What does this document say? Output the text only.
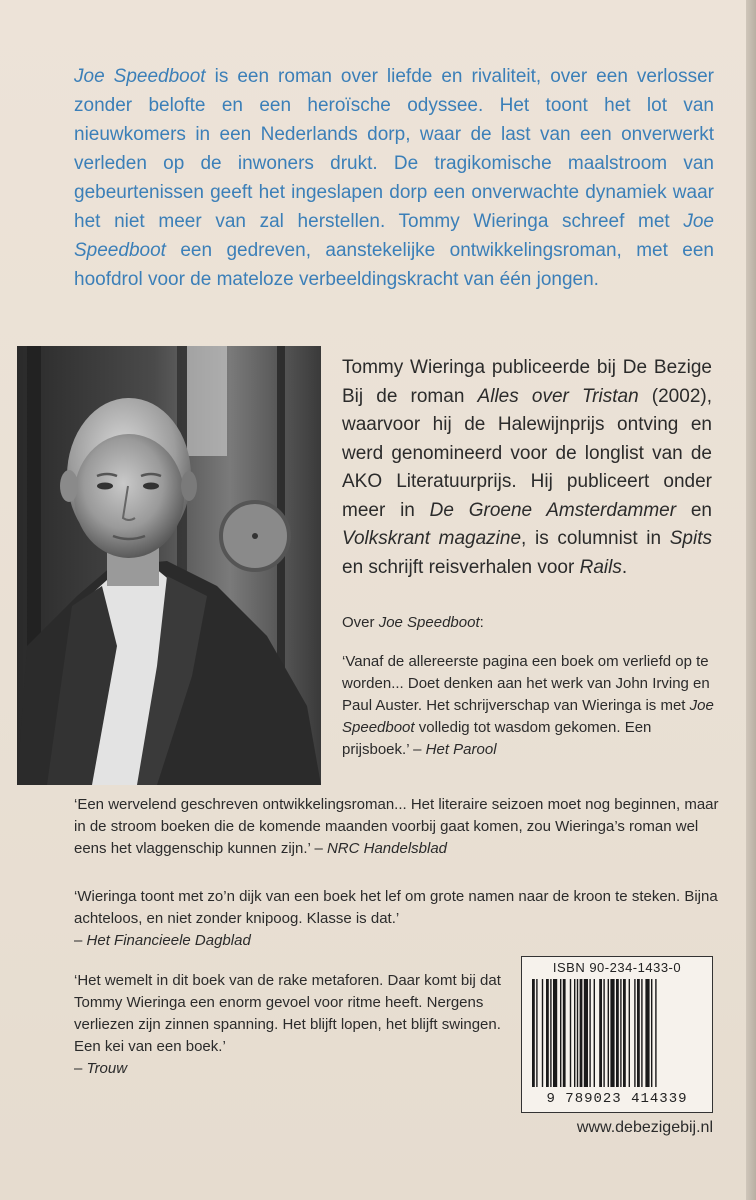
Joe Speedboot is een roman over liefde en rivaliteit, over een verlosser zonder belofte en een heroïsche odyssee. Het toont het lot van nieuwkomers in een Nederlands dorp, waar de last van een onverwerkt verleden op de inwoners drukt. De tragikomische maalstroom van gebeurtenissen geeft het ingeslapen dorp een onverwachte dynamiek waar het niet meer van zal herstellen. Tommy Wieringa schreef met Joe Speedboot een gedreven, aanstekelijke ontwikkelingsroman, met een hoofdrol voor de mateloze verbeeldingskracht van één jongen.

Tommy Wieringa publiceerde bij De Bezige Bij de roman Alles over Tristan (2002), waarvoor hij de Halewijnprijs ontving en werd genomineerd voor de longlist van de AKO Literatuurprijs. Hij publiceert onder meer in De Groene Amsterdammer en Volkskrant magazine, is columnist in Spits en schrijft reisverhalen voor Rails.

Over Joe Speedboot:

‘Vanaf de allereerste pagina een boek om verliefd op te worden... Doet denken aan het werk van John Irving en Paul Auster. Het schrijverschap van Wieringa is met Joe Speedboot volledig tot wasdom gekomen. Een prijsboek.’ – Het Parool

‘Een wervelend geschreven ontwikkelingsroman... Het literaire seizoen moet nog beginnen, maar in de stroom boeken die de komende maanden voorbij gaat komen, zou Wieringa’s roman wel eens het vlaggenschip kunnen zijn.’ – NRC Handelsblad

‘Wieringa toont met zo’n dijk van een boek het lef om grote namen naar de kroon te steken. Bijna achteloos, en niet zonder knipoog. Klasse is dat.’
– Het Financieele Dagblad

‘Het wemelt in dit boek van de rake metaforen. Daar komt bij dat Tommy Wieringa een enorm gevoel voor ritme heeft. Nergens verliezen zijn zinnen spanning. Het blijft lopen, het blijft swingen. Een kei van een boek.’
– Trouw

ISBN 90-234-1433-0
9 789023 414339
www.debezigebij.nl
